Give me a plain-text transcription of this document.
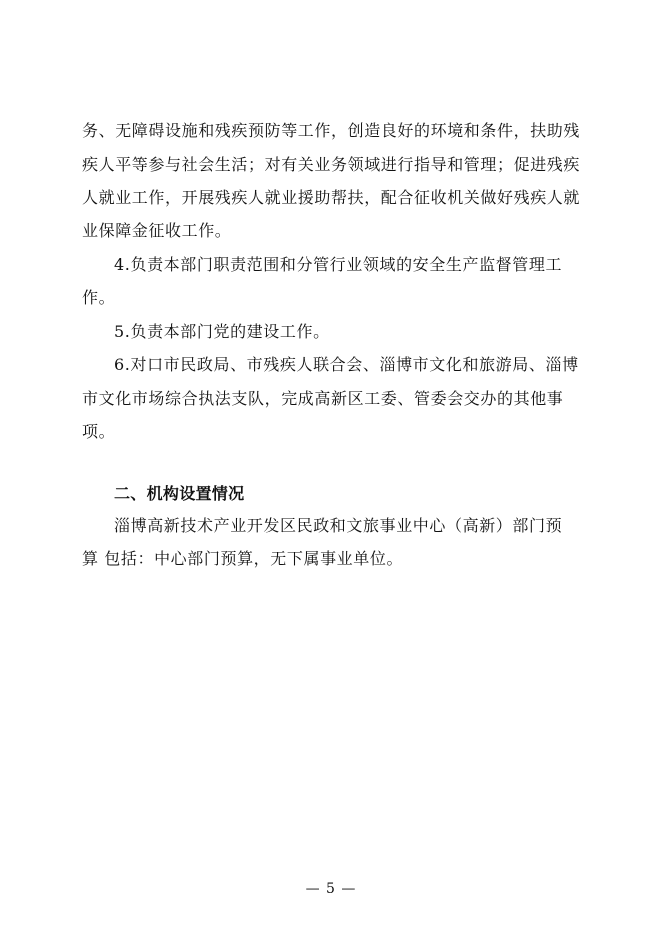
务、无障碍设施和残疾预防等工作，创造良好的环境和条件，扶助残
疾人平等参与社会生活；对有关业务领域进行指导和管理；促进残疾
人就业工作，开展残疾人就业援助帮扶，配合征收机关做好残疾人就
业保障金征收工作。
4.负责本部门职责范围和分管行业领域的安全生产监督管理工
作。
5.负责本部门党的建设工作。
6.对口市民政局、市残疾人联合会、淄博市文化和旅游局、淄博
市文化市场综合执法支队，完成高新区工委、管委会交办的其他事
项。
二、机构设置情况
淄博高新技术产业开发区民政和文旅事业中心（高新）部门预
算 包括：中心部门预算，无下属事业单位。
— 5 —
